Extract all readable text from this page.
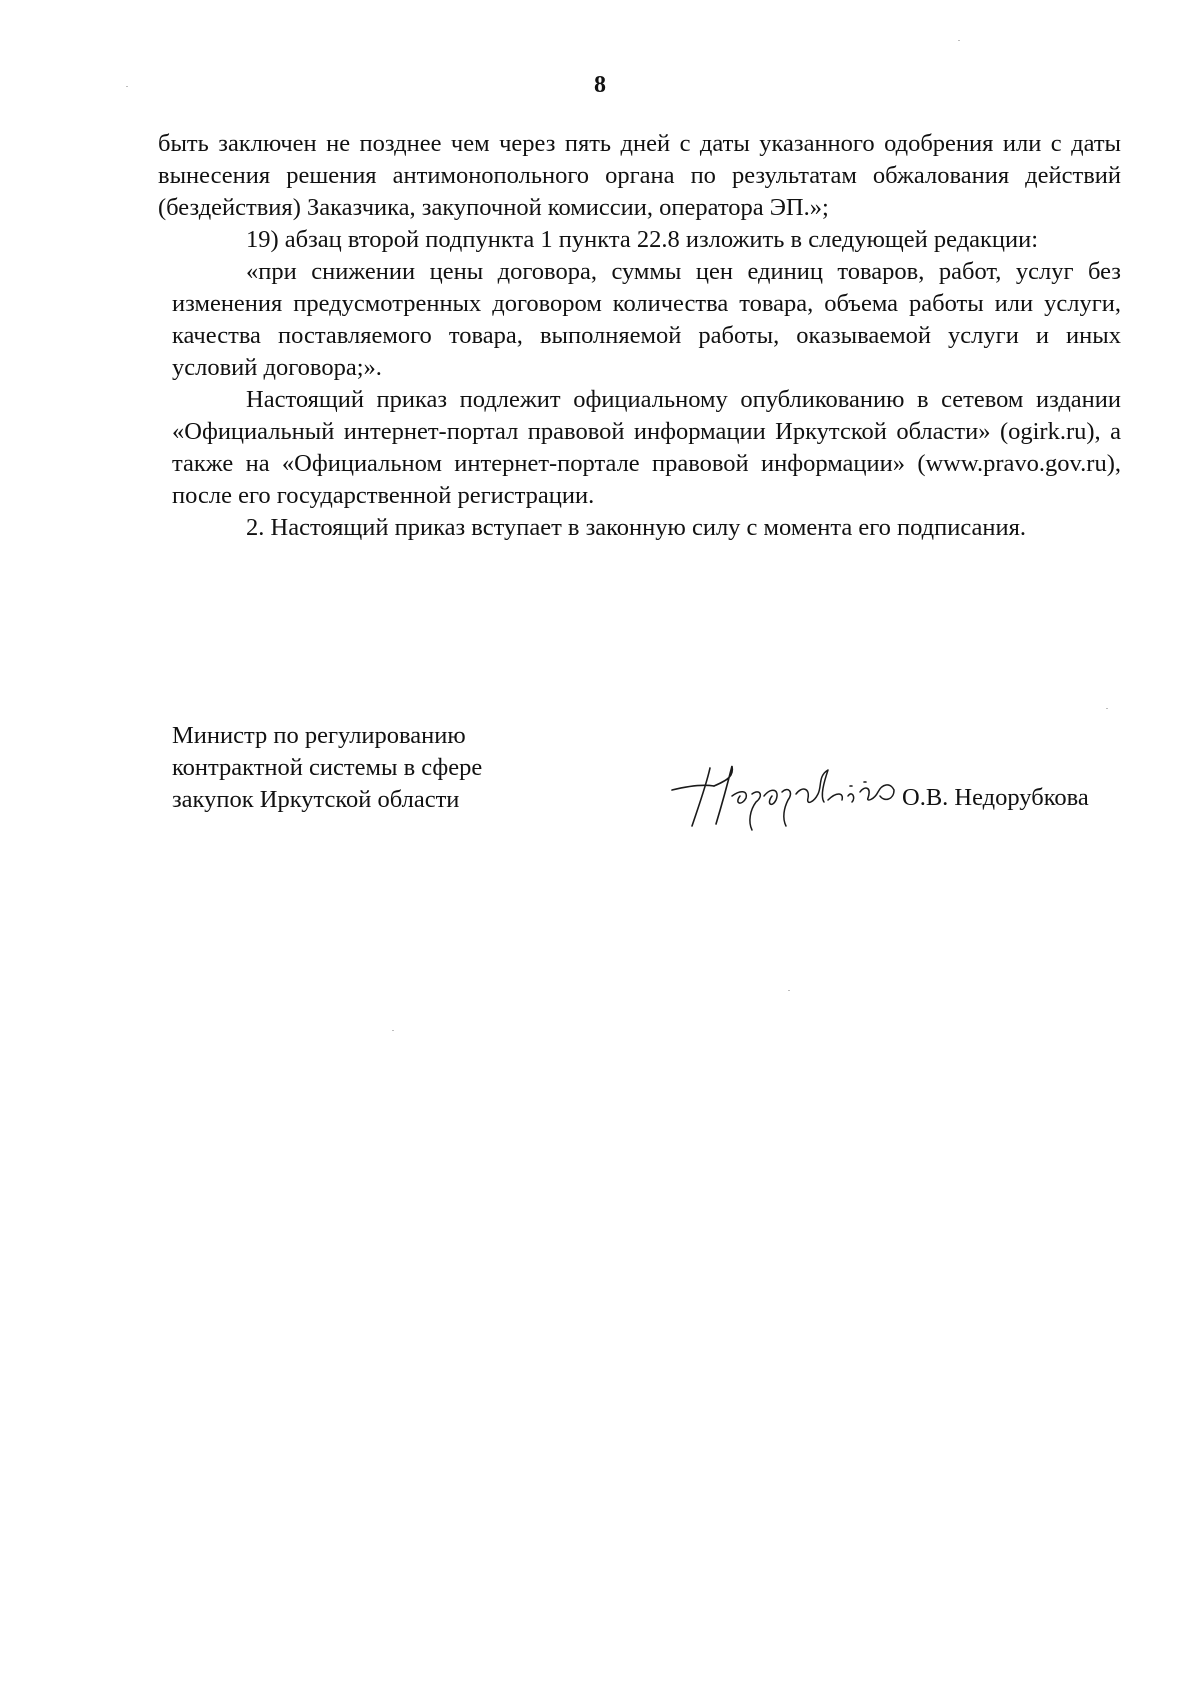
8

быть заключен не позднее чем через пять дней с даты указанного одобрения или с даты вынесения решения антимонопольного органа по результатам обжалования действий (бездействия) Заказчика, закупочной комиссии, оператора ЭП.»;

19) абзац второй подпункта 1 пункта 22.8 изложить в следующей редакции:

«при снижении цены договора, суммы цен единиц товаров, работ, услуг без изменения предусмотренных договором количества товара, объема работы или услуги, качества поставляемого товара, выполняемой работы, оказываемой услуги и иных условий договора;».

Настоящий приказ подлежит официальному опубликованию в сетевом издании «Официальный интернет-портал правовой информации Иркутской области» (ogirk.ru), а также на «Официальном интернет-портале правовой информации» (www.pravo.gov.ru), после его государственной регистрации.

2. Настоящий приказ вступает в законную силу с момента его подписания.

Министр по регулированию
контрактной системы в сфере
закупок Иркутской области	О.В. Недорубкова
